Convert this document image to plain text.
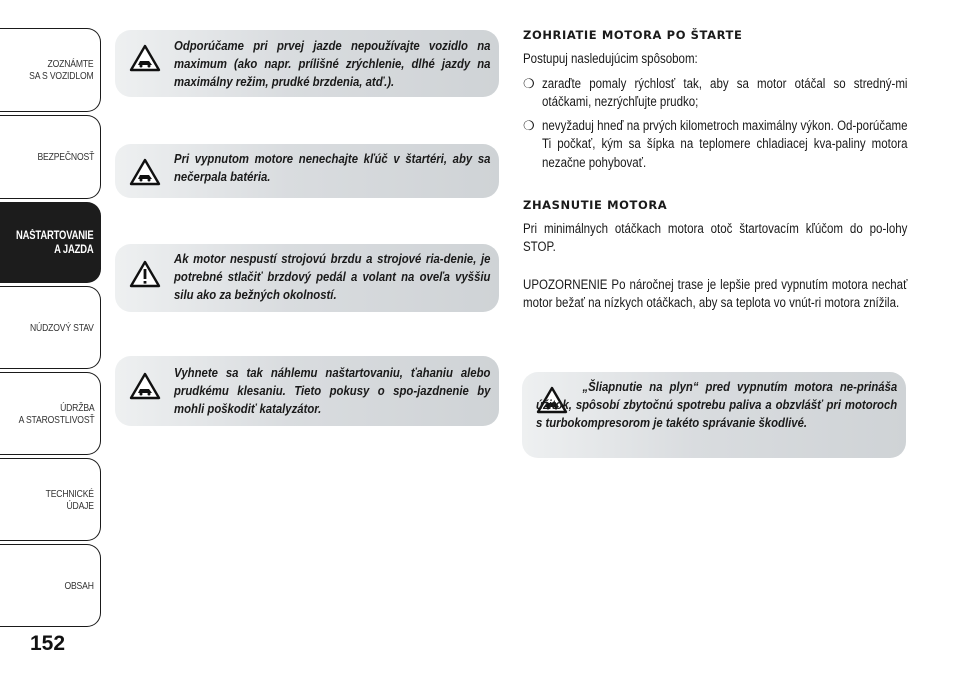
ZOZNÁMTE
SA S VOZIDLOM
BEZPEČNOSŤ
NAŠTARTOVANIE
A JAZDA
NÚDZOVÝ STAV
ÚDRŽBA
A STAROSTLIVOSŤ
TECHNICKÉ
ÚDAJE
OBSAH
152

Odporúčame pri prvej jazde nepoužívajte vozidlo na maximum (ako napr. prílišné zrýchlenie, dlhé jazdy na maximálny režim, prudké brzdenia, atď.).

Pri vypnutom motore nenechajte kľúč v štartéri, aby sa nečerpala batéria.

Ak motor nespustí strojovú brzdu a strojové ria-denie, je potrebné stlačiť brzdový pedál a volant na oveľa vyššiu silu ako za bežných okolností.

Vyhnete sa tak náhlemu naštartovaniu, ťahaniu alebo prudkému klesaniu. Tieto pokusy o spo-jazdnenie by mohli poškodiť katalyzátor.

ZOHRIATIE MOTORA PO ŠTARTE

Postupuj nasledujúcim spôsobom:

❍ zaraďte pomaly rýchlosť tak, aby sa motor otáčal so stredný-mi otáčkami, nezrýchľujte prudko;

❍ nevyžaduj hneď na prvých kilometroch maximálny výkon. Od-porúčame Ti počkať, kým sa šípka na teplomere chladiacej kva-paliny motora nezačne pohybovať.

ZHASNUTIE MOTORA

Pri minimálnych otáčkach motora otoč štartovacím kľúčom do po-lohy STOP.

UPOZORNENIE Po náročnej trase je lepšie pred vypnutím motora nechať motor bežať na nízkych otáčkach, aby sa teplota vo vnút-ri motora znížila.

„Šliapnutie na plyn“ pred vypnutím motora ne-prináša úžitok, spôsobí zbytočnú spotrebu paliva a obzvlášť pri motoroch s turbokompresorom je takéto správanie škodlivé.
